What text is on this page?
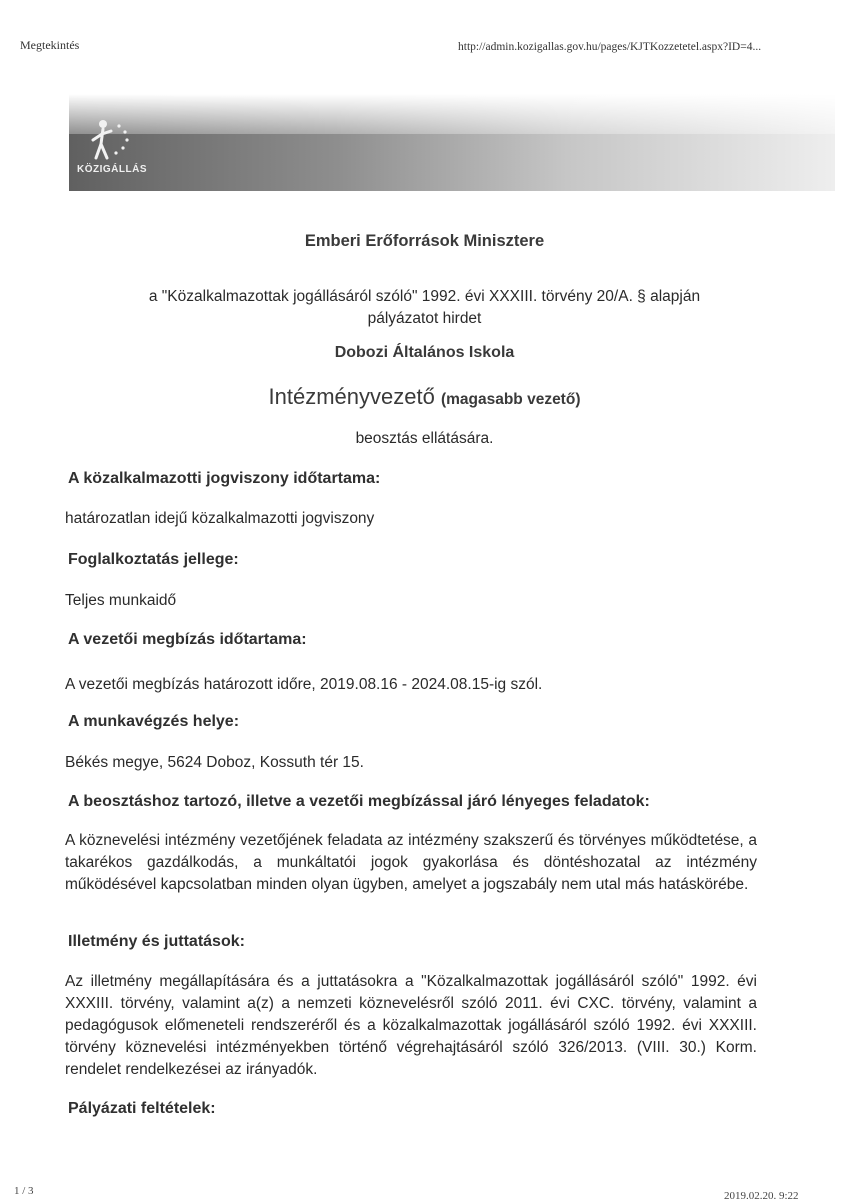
Megtekintés	http://admin.kozigallas.gov.hu/pages/KJTKozzetetel.aspx?ID=4...
KÖZIGÁLLÁS
Emberi Erőforrások Minisztere
a "Közalkalmazottak jogállásáról szóló" 1992. évi XXXIII. törvény 20/A. § alapján
pályázatot hirdet
Dobozi Általános Iskola
Intézményvezető (magasabb vezető)
beosztás ellátására.
A közalkalmazotti jogviszony időtartama:
határozatlan idejű közalkalmazotti jogviszony
Foglalkoztatás jellege:
Teljes munkaidő
A vezetői megbízás időtartama:
A vezetői megbízás határozott időre, 2019.08.16 - 2024.08.15-ig szól.
A munkavégzés helye:
Békés megye, 5624 Doboz, Kossuth tér 15.
A beosztáshoz tartozó, illetve a vezetői megbízással járó lényeges feladatok:
A köznevelési intézmény vezetőjének feladata az intézmény szakszerű és törvényes működtetése, a takarékos gazdálkodás, a munkáltatói jogok gyakorlása és döntéshozatal az intézmény működésével kapcsolatban minden olyan ügyben, amelyet a jogszabály nem utal más hatáskörébe.
Illetmény és juttatások:
Az illetmény megállapítására és a juttatásokra a "Közalkalmazottak jogállásáról szóló" 1992. évi XXXIII. törvény, valamint a(z) a nemzeti köznevelésről szóló 2011. évi CXC. törvény, valamint a pedagógusok előmeneteli rendszeréről és a közalkalmazottak jogállásáról szóló 1992. évi XXXIII. törvény köznevelési intézményekben történő végrehajtásáról szóló 326/2013. (VIII. 30.) Korm. rendelet rendelkezései az irányadók.
Pályázati feltételek:
1 / 3	2019.02.20. 9:22
